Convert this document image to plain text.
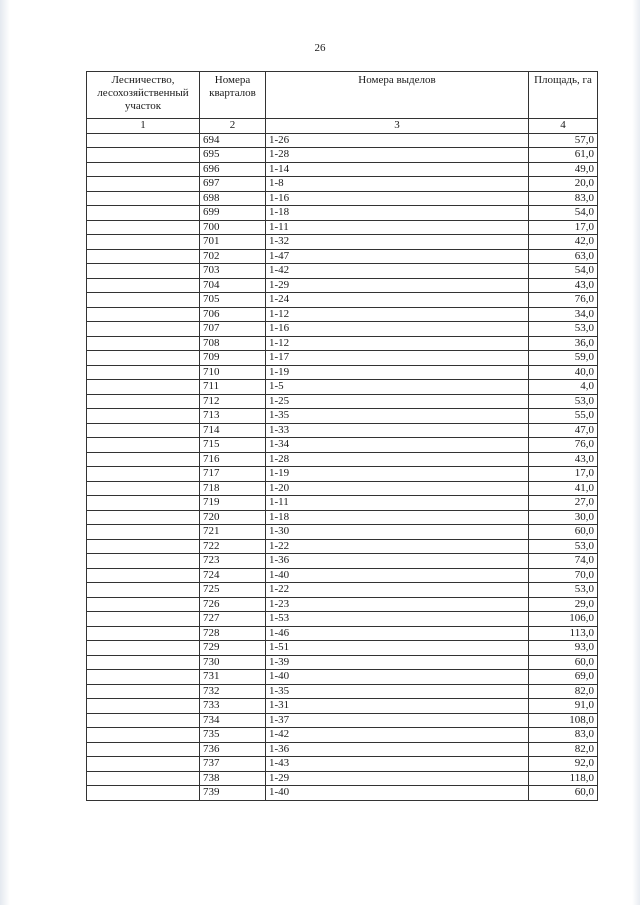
26
Лесничество, лесохозяйственный участок	Номера кварталов	Номера выделов	Площадь, га
1	2	3	4
	694	1-26	57,0
	695	1-28	61,0
	696	1-14	49,0
	697	1-8	20,0
	698	1-16	83,0
	699	1-18	54,0
	700	1-11	17,0
	701	1-32	42,0
	702	1-47	63,0
	703	1-42	54,0
	704	1-29	43,0
	705	1-24	76,0
	706	1-12	34,0
	707	1-16	53,0
	708	1-12	36,0
	709	1-17	59,0
	710	1-19	40,0
	711	1-5	4,0
	712	1-25	53,0
	713	1-35	55,0
	714	1-33	47,0
	715	1-34	76,0
	716	1-28	43,0
	717	1-19	17,0
	718	1-20	41,0
	719	1-11	27,0
	720	1-18	30,0
	721	1-30	60,0
	722	1-22	53,0
	723	1-36	74,0
	724	1-40	70,0
	725	1-22	53,0
	726	1-23	29,0
	727	1-53	106,0
	728	1-46	113,0
	729	1-51	93,0
	730	1-39	60,0
	731	1-40	69,0
	732	1-35	82,0
	733	1-31	91,0
	734	1-37	108,0
	735	1-42	83,0
	736	1-36	82,0
	737	1-43	92,0
	738	1-29	118,0
	739	1-40	60,0
